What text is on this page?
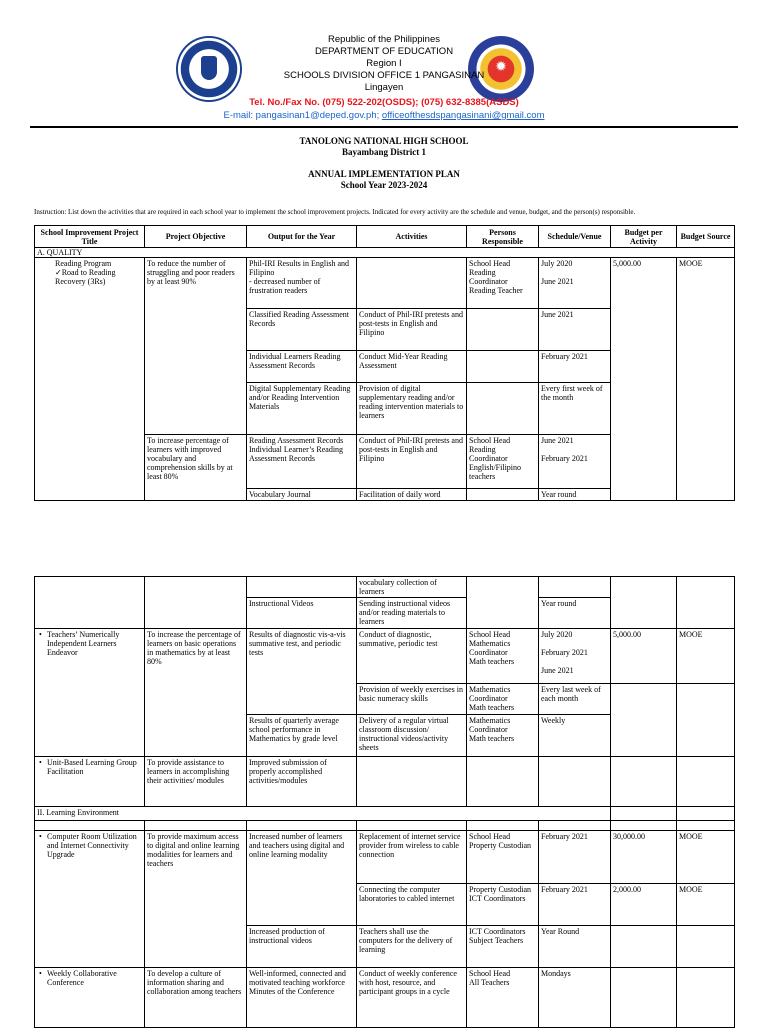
✹
Republic of the Philippines
DEPARTMENT OF EDUCATION
Region I
SCHOOLS DIVISION OFFICE 1 PANGASINAN
Lingayen
Tel. No./Fax No. (075) 522-202(OSDS); (075) 632-8385(ASDS)
E-mail: pangasinan1@deped.gov.ph; officeofthesdspangasinani@gmail.com
TANOLONG NATIONAL HIGH SCHOOL
Bayambang District 1
ANNUAL IMPLEMENTATION PLAN
School Year 2023-2024
Instruction: List down the activities that are required in each school year to implement the school improvement projects. Indicated for every activity are the schedule and venue, budget, and the person(s) responsible.
School Improvement Project Title	Project Objective	Output for the Year	Activities	Persons Responsible	Schedule/Venue	Budget per Activity	Budget Source
A. QUALITY							
Reading Program
✓Road to Reading
Recovery (3Rs)	To reduce the number of struggling and poor readers by at least 90%	Phil-IRI Results in English and Filipino
- decreased number of
frustration readers		School Head
Reading Coordinator
Reading Teacher	July 2020

June 2021	5,000.00	MOOE
		Classified Reading Assessment Records	Conduct of Phil-IRI pretests and post-tests in English and Filipino		June 2021		
		Individual Learners Reading Assessment Records	Conduct Mid-Year Reading Assessment		February 2021		
		Digital Supplementary Reading and/or Reading Intervention Materials	Provision of digital supplementary reading and/or reading intervention materials to learners		Every first week of the month		
	To increase percentage of learners with improved vocabulary and comprehension skills by at least 80%	Reading Assessment Records
Individual Learner’s Reading Assessment Records	Conduct of Phil-IRI pretests and post-tests in English and Filipino	School Head
Reading Coordinator
English/Filipino teachers	June 2021

February 2021		
		Vocabulary Journal	Facilitation of daily word		Year round		
			vocabulary collection of learners				
		Instructional Videos	Sending instructional videos and/or reading materials to learners		Year round		

• Teachers’ Numerically Independent Learners Endeavor	To increase the percentage of learners on basic operations in mathematics by at least 80%	Results of diagnostic vis-a-vis summative test, and periodic tests	Conduct of diagnostic, summative, periodic test	School Head
Mathematics Coordinator
Math teachers	July 2020

February 2021

June 2021	5,000.00	MOOE
			Provision of weekly exercises in basic numeracy skills	Mathematics Coordinator
Math teachers	Every last week of each month		
		Results of quarterly average school performance in Mathematics by grade level	Delivery of a regular virtual classroom discussion/ instructional videos/activity sheets	Mathematics Coordinator
Math teachers	Weekly		

• Unit-Based Learning Group Facilitation	To provide assistance to learners in accomplishing their activities/ modules	Improved submission of properly accomplished activities/modules					
II. Learning Environment							

• Computer Room Utilization and Internet Connectivity Upgrade	To provide maximum access to digital and online learning modalities for learners and teachers	Increased number of learners and teachers using digital and online learning modality	Replacement of internet service provider from wireless to cable connection	School Head
Property Custodian	February 2021	30,000.00	MOOE
			Connecting the computer laboratories to cabled internet	Property Custodian
ICT Coordinators	February 2021	2,000.00	MOOE
		Increased production of instructional videos	Teachers shall use the computers for the delivery of learning	ICT Coordinators
Subject Teachers	Year Round		

• Weekly Collaborative Conference	To develop a culture of information sharing and collaboration among teachers	Well-informed, connected and motivated teaching workforce
Minutes of the Conference	Conduct of weekly conference with host, resource, and participant groups in a cycle	School Head
All Teachers	Mondays		
